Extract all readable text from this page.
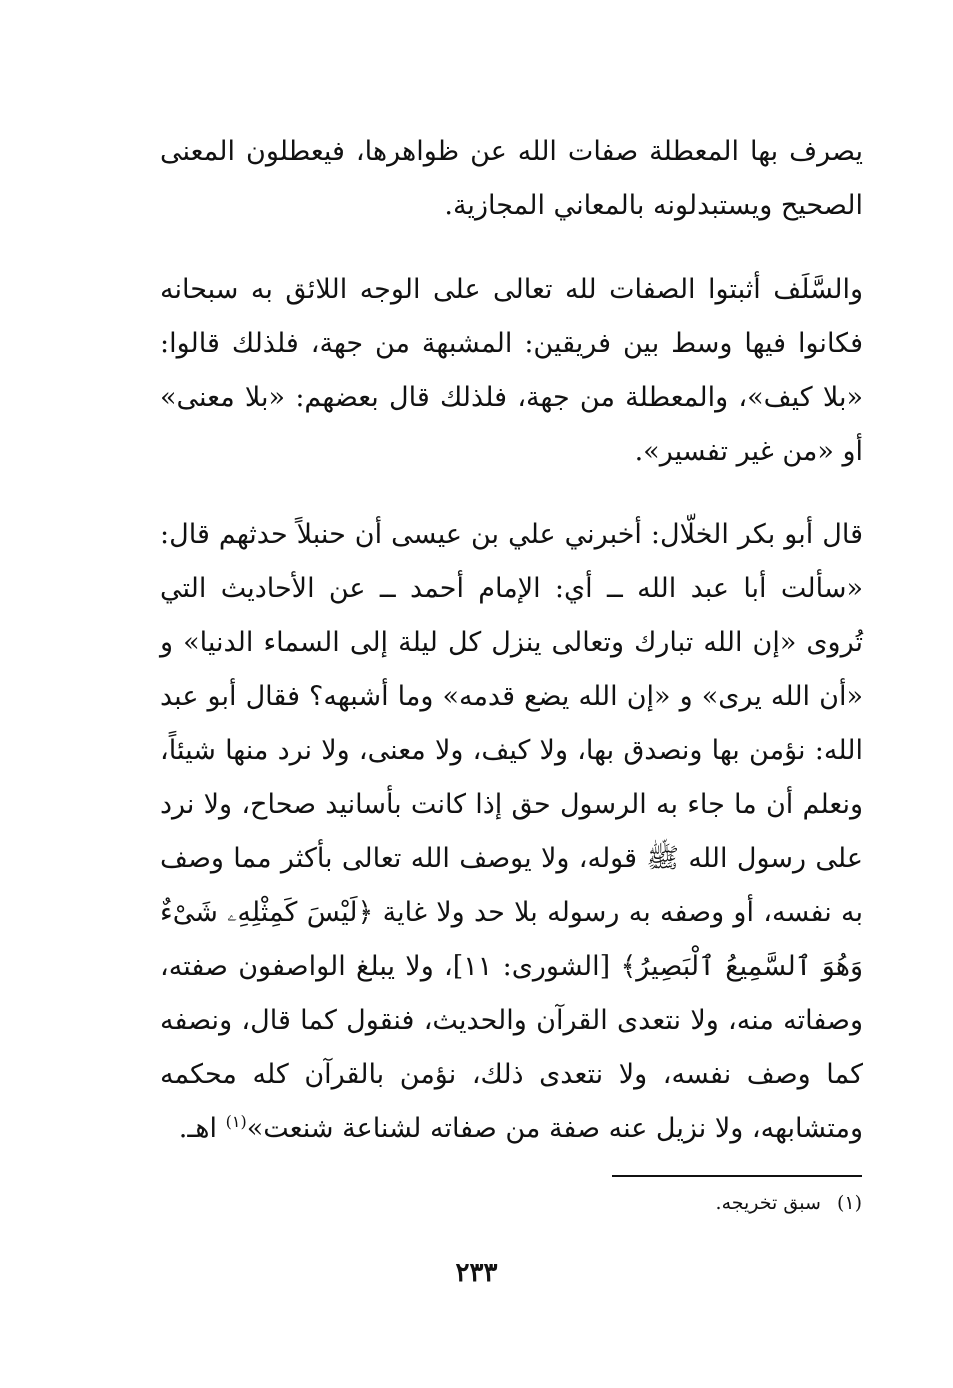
يصرف بها المعطلة صفات الله عن ظواهرها، فيعطلون المعنى الصحيح ويستبدلونه بالمعاني المجازية.

والسَّلَف أثبتوا الصفات لله تعالى على الوجه اللائق به سبحانه فكانوا فيها وسط بين فريقين: المشبهة من جهة، فلذلك قالوا: «بلا كيف»، والمعطلة من جهة، فلذلك قال بعضهم: «بلا معنى» أو «من غير تفسير».

قال أبو بكر الخلّال: أخبرني علي بن عيسى أن حنبلاً حدثهم قال: «سألت أبا عبد الله ــ أي: الإمام أحمد ــ عن الأحاديث التي تُروى «إن الله تبارك وتعالى ينزل كل ليلة إلى السماء الدنيا» و «أن الله يرى» و «إن الله يضع قدمه» وما أشبهه؟ فقال أبو عبد الله: نؤمن بها ونصدق بها، ولا كيف، ولا معنى، ولا نرد منها شيئاً، ونعلم أن ما جاء به الرسول حق إذا كانت بأسانيد صحاح، ولا نرد على رسول الله ﷺ قوله، ولا يوصف الله تعالى بأكثر مما وصف به نفسه، أو وصفه به رسوله بلا حد ولا غاية ﴿لَيْسَ كَمِثْلِهِۦ شَىْءٌ وَهُوَ ٱلسَّمِيعُ ٱلْبَصِيرُ﴾ [الشورى: ١١]، ولا يبلغ الواصفون صفته، وصفاته منه، ولا نتعدى القرآن والحديث، فنقول كما قال، ونصفه كما وصف نفسه، ولا نتعدى ذلك، نؤمن بالقرآن كله محكمه ومتشابهه، ولا نزيل عنه صفة من صفاته لشناعة شنعت»$^{(١)}$ اهـ.

(١) سبق تخريجه.
٢٣٣
